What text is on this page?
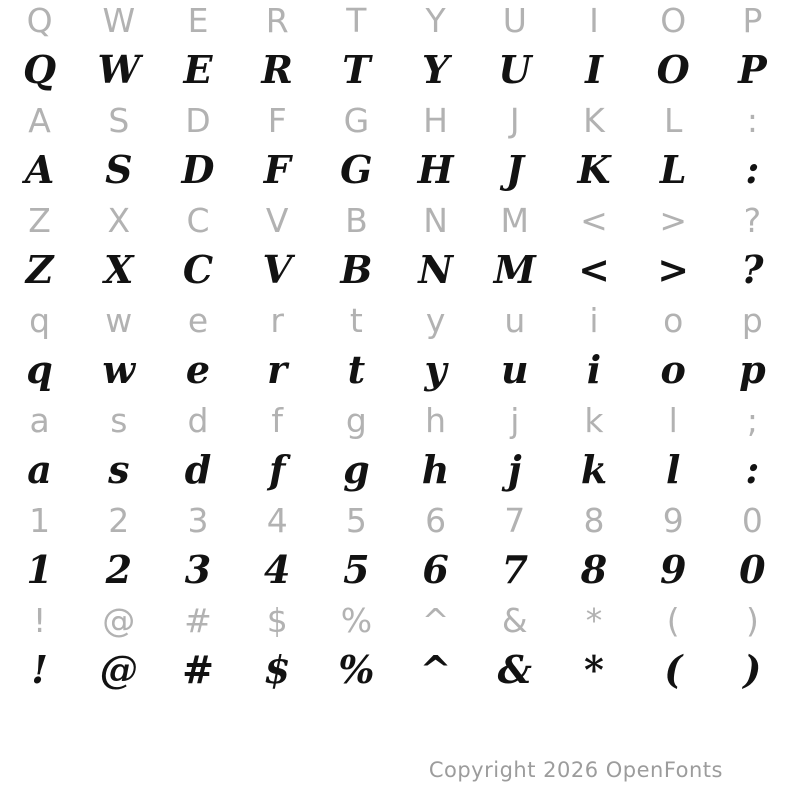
Q	W	E	R	T	Y	U	I	O	P
Q	W	E	R	T	Y	U	I	O	P
A	S	D	F	G	H	J	K	L	:
A	S	D	F	G	H	J	K	L	:
Z	X	C	V	B	N	M	<	>	?
Z	X	C	V	B	N	M	<	>	?
q	w	e	r	t	y	u	i	o	p
q	w	e	r	t	y	u	i	o	p
a	s	d	f	g	h	j	k	l	;
a	s	d	f	g	h	j	k	l	:
1	2	3	4	5	6	7	8	9	0
1	2	3	4	5	6	7	8	9	0
!	@	#	$	%	^	&	*	(	)
!	@	#	$	%	^	&	*	(	)
Copyright 2026 OpenFonts
